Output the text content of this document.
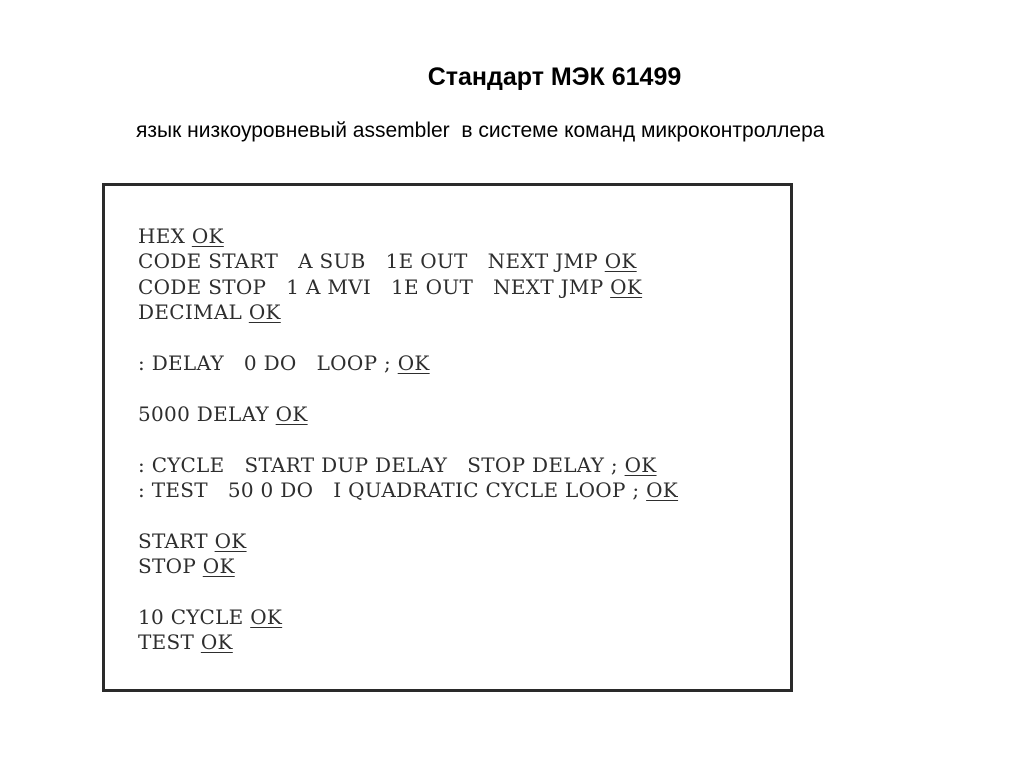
Стандарт МЭК 61499
язык низкоуровневый assembler  в системе команд микроконтроллера
HEX OK
CODE START   A SUB   1E OUT   NEXT JMP OK
CODE STOP   1 A MVI   1E OUT   NEXT JMP OK
DECIMAL OK
: DELAY   0 DO   LOOP ; OK
5000 DELAY OK
: CYCLE   START DUP DELAY   STOP DELAY ; OK
: TEST   50 0 DO   I QUADRATIC CYCLE LOOP ; OK
START OK
STOP OK
10 CYCLE OK
TEST OK
